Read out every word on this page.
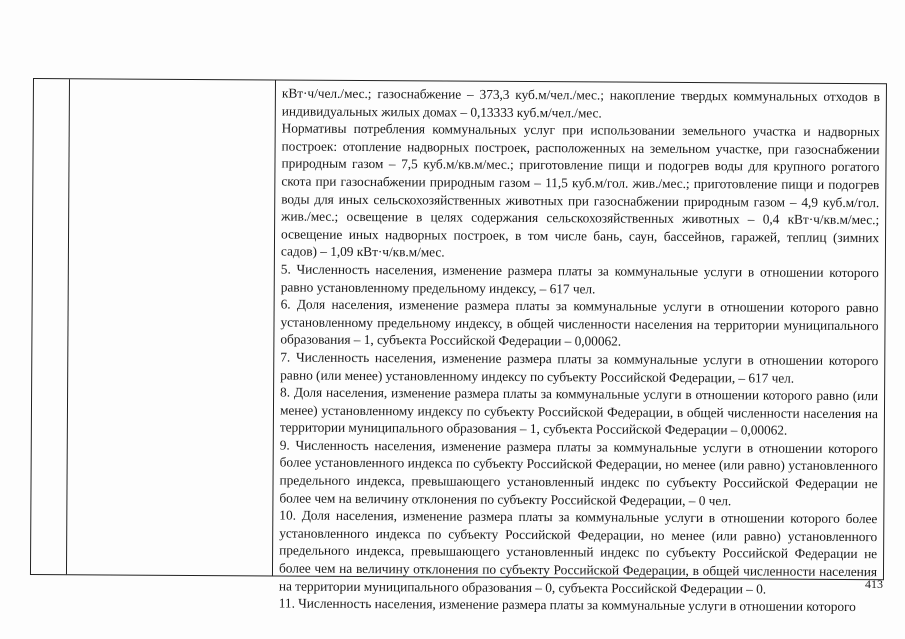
кВт·ч/чел./мес.; газоснабжение – 373,3 куб.м/чел./мес.; накопление твердых коммунальных отходов в индивидуальных жилых домах – 0,13333 куб.м/чел./мес.

Нормативы потребления коммунальных услуг при использовании земельного участка и надворных построек: отопление надворных построек, расположенных на земельном участке, при газоснабжении природным газом – 7,5 куб.м/кв.м/мес.; приготовление пищи и подогрев воды для крупного рогатого скота при газоснабжении природным газом – 11,5 куб.м/гол. жив./мес.; приготовление пищи и подогрев воды для иных сельскохозяйственных животных при газоснабжении природным газом – 4,9 куб.м/гол. жив./мес.; освещение в целях содержания сельскохозяйственных животных – 0,4 кВт·ч/кв.м/мес.; освещение иных надворных построек, в том числе бань, саун, бассейнов, гаражей, теплиц (зимних садов) – 1,09 кВт·ч/кв.м/мес.

5. Численность населения, изменение размера платы за коммунальные услуги в отношении которого равно установленному предельному индексу, – 617 чел.

6. Доля населения, изменение размера платы за коммунальные услуги в отношении которого равно установленному предельному индексу, в общей численности населения на территории муниципального образования – 1, субъекта Российской Федерации – 0,00062.

7. Численность населения, изменение размера платы за коммунальные услуги в отношении которого равно (или менее) установленному индексу по субъекту Российской Федерации, – 617 чел.

8. Доля населения, изменение размера платы за коммунальные услуги в отношении которого равно (или менее) установленному индексу по субъекту Российской Федерации, в общей численности населения на территории муниципального образования – 1, субъекта Российской Федерации – 0,00062.

9. Численность населения, изменение размера платы за коммунальные услуги в отношении которого более установленного индекса по субъекту Российской Федерации, но менее (или равно) установленного предельного индекса, превышающего установленный индекс по субъекту Российской Федерации не более чем на величину отклонения по субъекту Российской Федерации, – 0 чел.

10. Доля населения, изменение размера платы за коммунальные услуги в отношении которого более установленного индекса по субъекту Российской Федерации, но менее (или равно) установленного предельного индекса, превышающего установленный индекс по субъекту Российской Федерации не более чем на величину отклонения по субъекту Российской Федерации, в общей численности населения на территории муниципального образования – 0, субъекта Российской Федерации – 0.

11. Численность населения, изменение размера платы за коммунальные услуги в отношении которого

413
